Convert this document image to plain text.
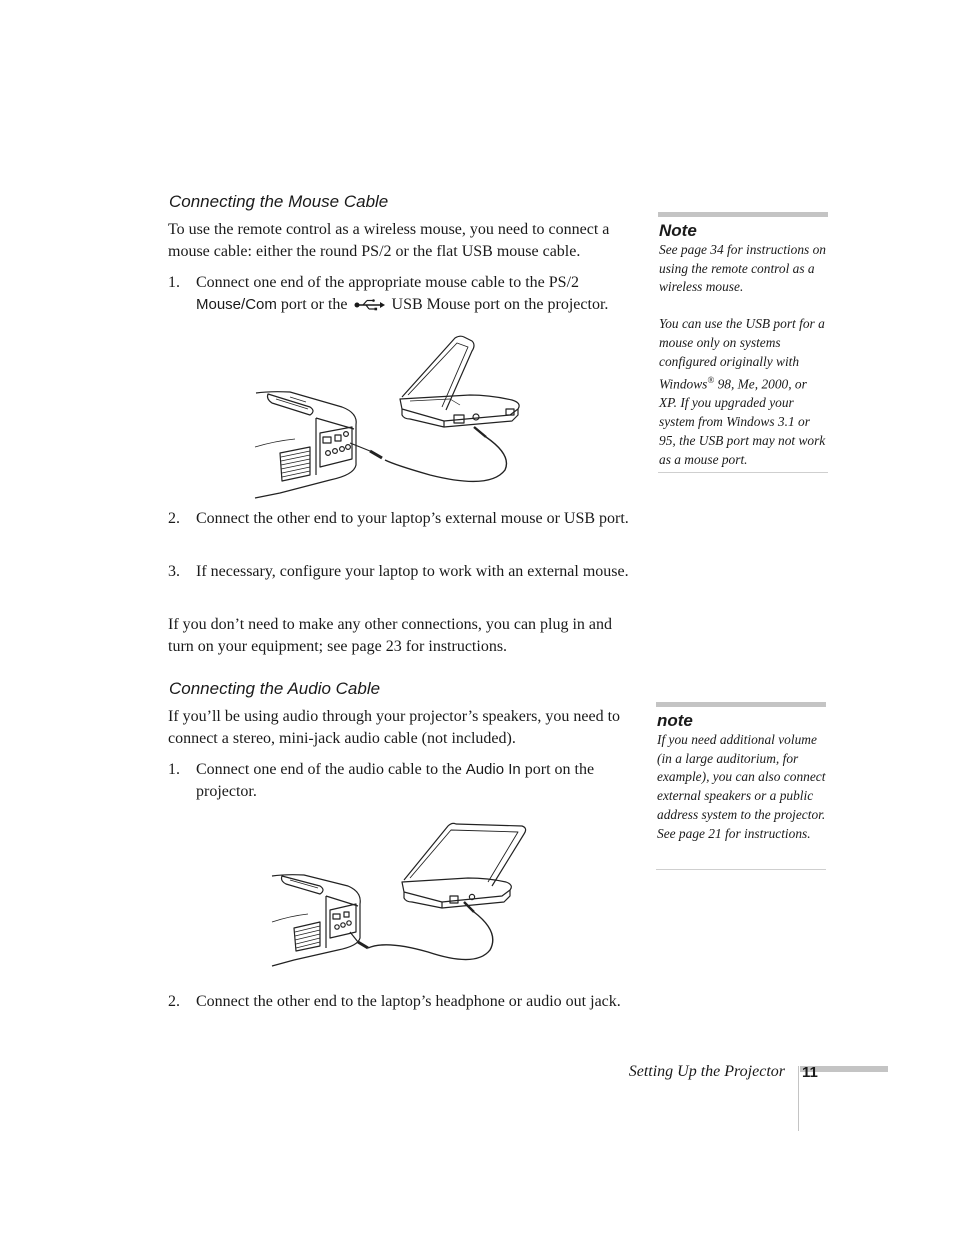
Connecting the Mouse Cable

To use the remote control as a wireless mouse, you need to connect a mouse cable: either the round PS/2 or the flat USB mouse cable.

1.	Connect one end of the appropriate mouse cable to the PS/2
Mouse/Com port or the	USB Mouse port on the projector.
2.	Connect the other end to your laptop’s external mouse or USB port.
3.	If necessary, configure your laptop to work with an external mouse.

If you don’t need to make any other connections, you can plug in and turn on your equipment; see page 23 for instructions.

Connecting the Audio Cable

If you’ll be using audio through your projector’s speakers, you need to connect a stereo, mini-jack audio cable (not included).

1.	Connect one end of the audio cable to the Audio In port on the projector.
2.	Connect the other end to the laptop’s headphone or audio out jack.
Note
See page 34 for instructions on using the remote control as a wireless mouse.
You can use the USB port for a mouse only on systems configured originally with Windows® 98, Me, 2000, or XP. If you upgraded your system from Windows 3.1 or 95, the USB port may not work as a mouse port.
note
If you need additional volume (in a large auditorium, for example), you can also connect external speakers or a public address system to the projector. See page 21 for instructions.
Setting Up the Projector 11
